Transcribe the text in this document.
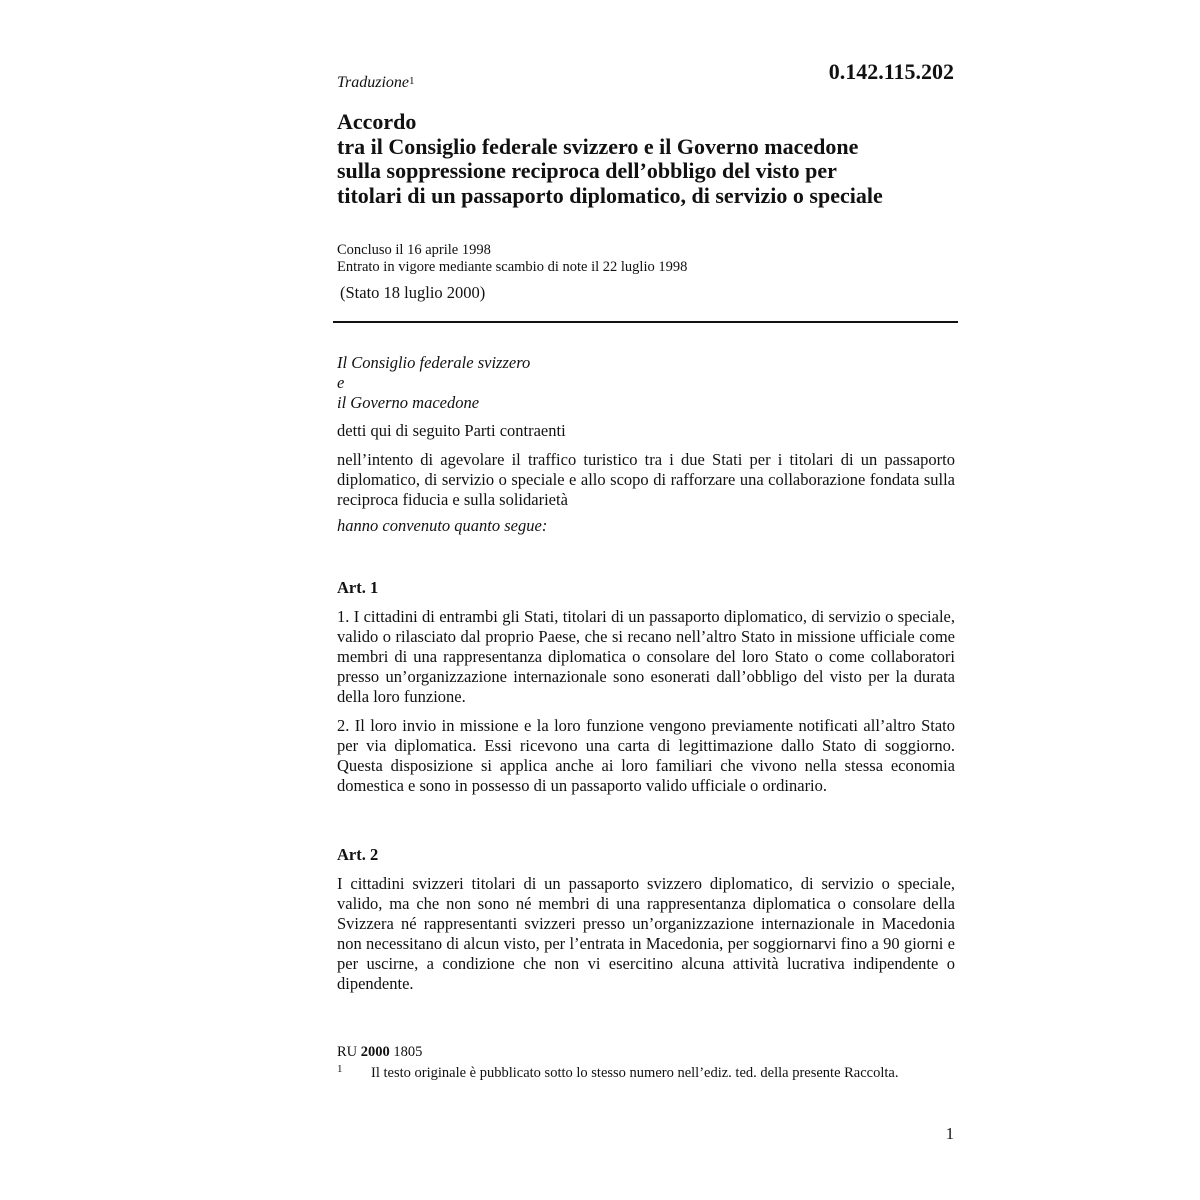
Traduzione$^1$	0.142.115.202
Accordo
tra il Consiglio federale svizzero e il Governo macedone
sulla soppressione reciproca dell’obbligo del visto per
titolari di un passaporto diplomatico, di servizio o speciale
Concluso il 16 aprile 1998
Entrato in vigore mediante scambio di note il 22 luglio 1998
(Stato 18 luglio 2000)
Il Consiglio federale svizzero
e
il Governo macedone
detti qui di seguito Parti contraenti
nell’intento di agevolare il traffico turistico tra i due Stati per i titolari di un passaporto diplomatico, di servizio o speciale e allo scopo di rafforzare una collaborazione fondata sulla reciproca fiducia e sulla solidarietà
hanno convenuto quanto segue:
Art. 1
1. I cittadini di entrambi gli Stati, titolari di un passaporto diplomatico, di servizio o speciale, valido o rilasciato dal proprio Paese, che si recano nell’altro Stato in missione ufficiale come membri di una rappresentanza diplomatica o consolare del loro Stato o come collaboratori presso un’organizzazione internazionale sono esonerati dall’obbligo del visto per la durata della loro funzione.
2. Il loro invio in missione e la loro funzione vengono previamente notificati all’altro Stato per via diplomatica. Essi ricevono una carta di legittimazione dallo Stato di soggiorno. Questa disposizione si applica anche ai loro familiari che vivono nella stessa economia domestica e sono in possesso di un passaporto valido ufficiale o ordinario.
Art. 2
I cittadini svizzeri titolari di un passaporto svizzero diplomatico, di servizio o speciale, valido, ma che non sono né membri di una rappresentanza diplomatica o consolare della Svizzera né rappresentanti svizzeri presso un’organizzazione internazionale in Macedonia non necessitano di alcun visto, per l’entrata in Macedonia, per soggiornarvi fino a 90 giorni e per uscirne, a condizione che non vi esercitino alcuna attività lucrativa indipendente o dipendente.
RU 2000 1805
1 Il testo originale è pubblicato sotto lo stesso numero nell’ediz. ted. della presente Raccolta.
1
